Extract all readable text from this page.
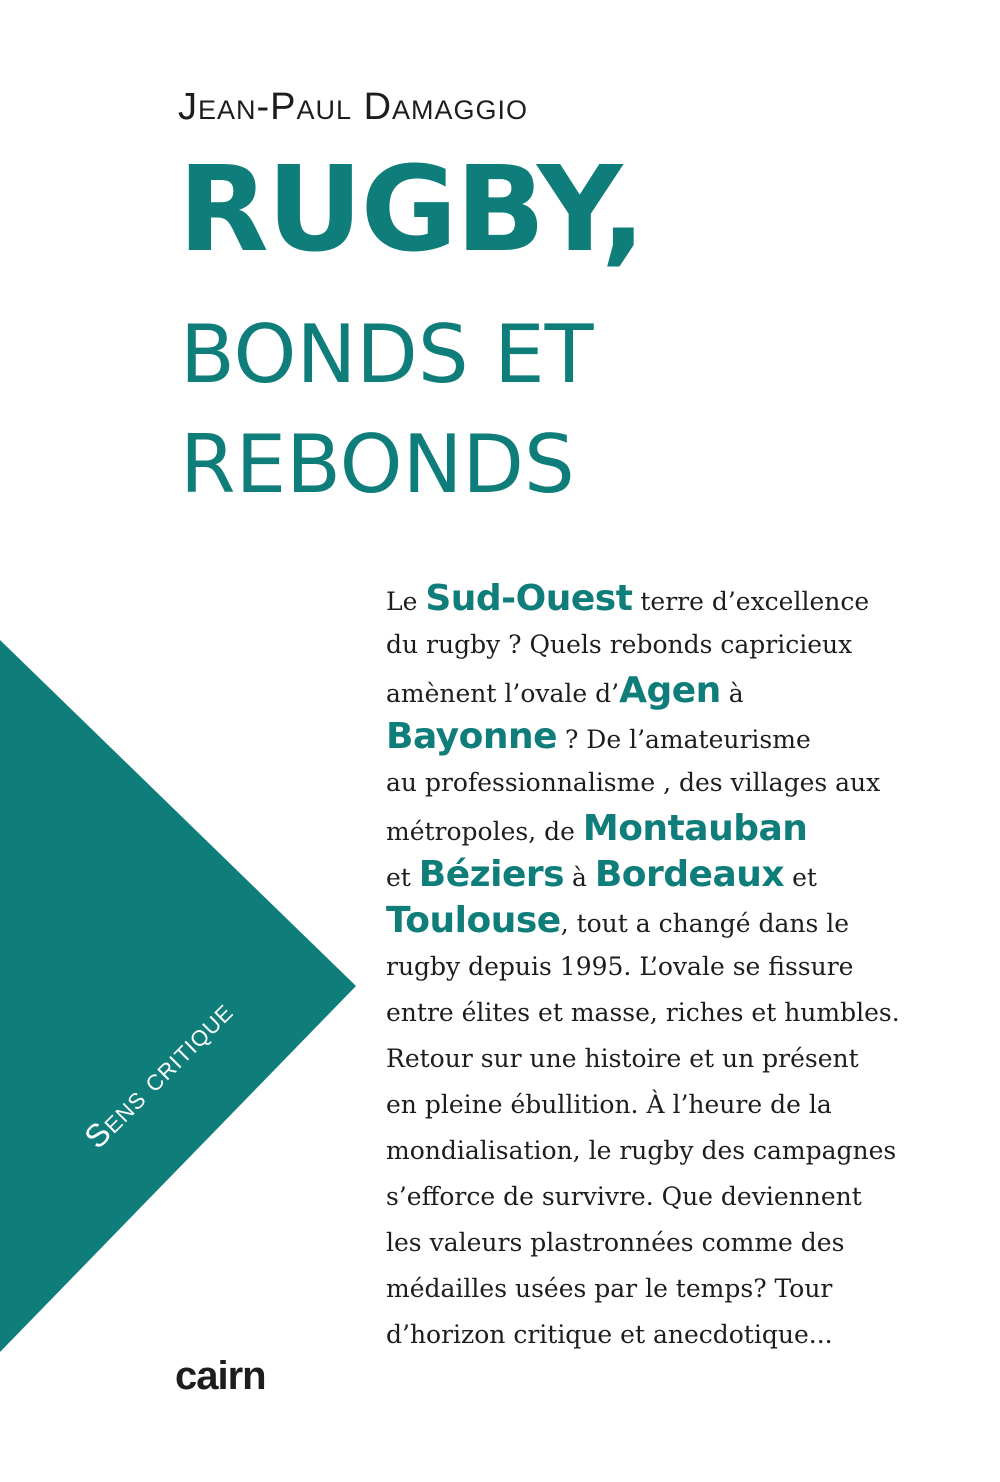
Jean-Paul Damaggio
RUGBY,
BONDS ET
REBONDS
Sens critique
Le Sud-Ouest terre d’excellence
du rugby ? Quels rebonds capricieux
amènent l’ovale d’Agen à
Bayonne ? De l’amateurisme
au professionnalisme , des villages aux
métropoles, de Montauban
et Béziers à Bordeaux et
Toulouse, tout a changé dans le
rugby depuis 1995. L’ovale se fissure
entre élites et masse, riches et humbles.
Retour sur une histoire et un présent
en pleine ébullition. À l’heure de la
mondialisation, le rugby des campagnes
s’efforce de survivre. Que deviennent
les valeurs plastronnées comme des
médailles usées par le temps? Tour
d’horizon critique et anecdotique...
cairn
